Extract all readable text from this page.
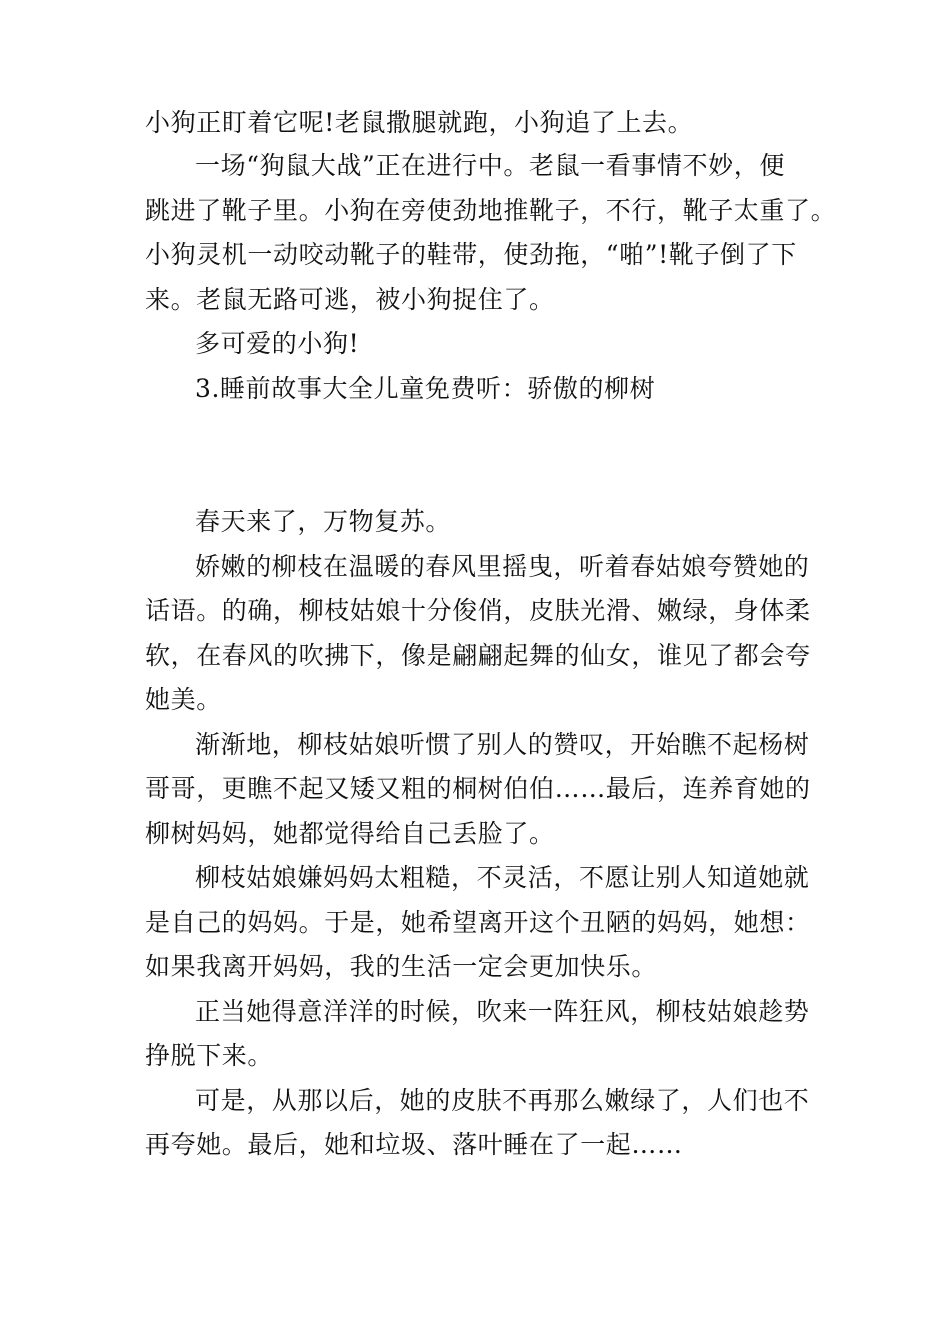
小狗正盯着它呢!老鼠撒腿就跑，小狗追了上去。
一场“狗鼠大战”正在进行中。老鼠一看事情不妙，便
跳进了靴子里。小狗在旁使劲地推靴子，不行，靴子太重了。
小狗灵机一动咬动靴子的鞋带，使劲拖，“啪”!靴子倒了下
来。老鼠无路可逃，被小狗捉住了。
多可爱的小狗!
3.睡前故事大全儿童免费听：骄傲的柳树
春天来了，万物复苏。
娇嫩的柳枝在温暖的春风里摇曳，听着春姑娘夸赞她的
话语。的确，柳枝姑娘十分俊俏，皮肤光滑、嫩绿，身体柔
软，在春风的吹拂下，像是翩翩起舞的仙女，谁见了都会夸
她美。
渐渐地，柳枝姑娘听惯了别人的赞叹，开始瞧不起杨树
哥哥，更瞧不起又矮又粗的桐树伯伯……最后，连养育她的
柳树妈妈，她都觉得给自己丢脸了。
柳枝姑娘嫌妈妈太粗糙，不灵活，不愿让别人知道她就
是自己的妈妈。于是，她希望离开这个丑陋的妈妈，她想：
如果我离开妈妈，我的生活一定会更加快乐。
正当她得意洋洋的时候，吹来一阵狂风，柳枝姑娘趁势
挣脱下来。
可是，从那以后，她的皮肤不再那么嫩绿了，人们也不
再夸她。最后，她和垃圾、落叶睡在了一起……
